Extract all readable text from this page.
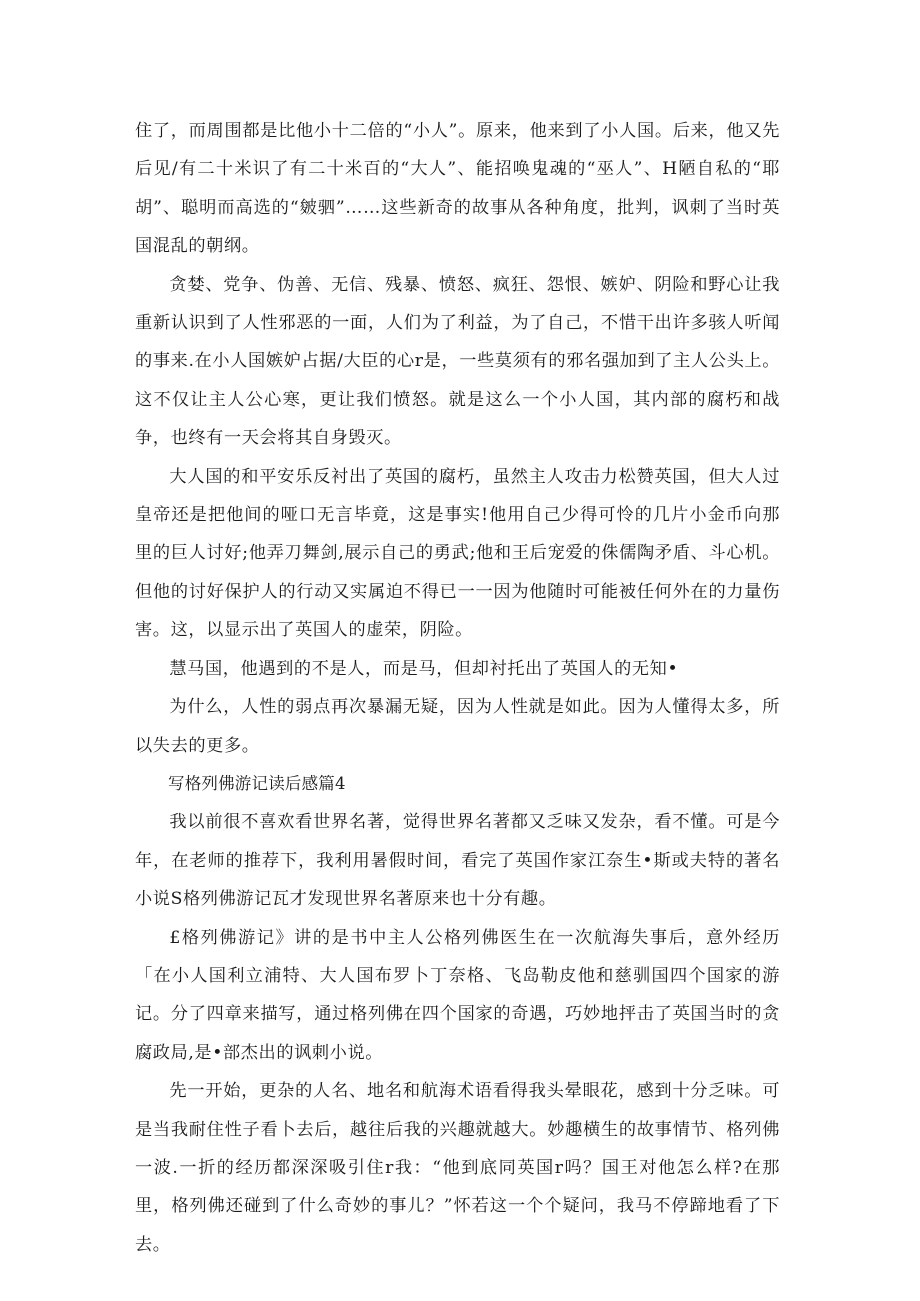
住了，而周围都是比他小十二倍的“小人”。原来，他来到了小人国。后来，他又先后见/有二十米识了有二十米百的“大人”、能招唤鬼魂的“巫人”、H陋自私的“耶胡”、聪明而高选的“皴驷”……这些新奇的故事从各种角度，批判，讽刺了当时英国混乱的朝纲。

贪婪、党争、伪善、无信、残暴、愤怒、疯狂、怨恨、嫉妒、阴险和野心让我重新认识到了人性邪恶的一面，人们为了利益，为了自己，不惜干出许多骇人听闻的事来.在小人国嫉妒占据/大臣的心r是，一些莫须有的邪名强加到了主人公头上。这不仅让主人公心寒，更让我们愤怒。就是这么一个小人国，其内部的腐朽和战争，也终有一天会将其自身毁灭。

大人国的和平安乐反衬出了英国的腐朽，虽然主人攻击力松赞英国，但大人过皇帝还是把他间的哑口无言毕竟，这是事实!他用自己少得可怜的几片小金币向那里的巨人讨好;他弄刀舞剑,展示自己的勇武;他和王后宠爱的侏儒陶矛盾、斗心机。但他的讨好保护人的行动又实属迫不得已一一因为他随时可能被任何外在的力量伤害。这，以显示出了英国人的虚荣，阴险。

慧马国，他遇到的不是人，而是马，但却衬托出了英国人的无知•

为什么，人性的弱点再次暴漏无疑，因为人性就是如此。因为人懂得太多，所以失去的更多。

写格列佛游记读后感篇4

我以前很不喜欢看世界名著，觉得世界名著都又乏味又发杂，看不懂。可是今年，在老师的推荐下，我利用暑假时间，看完了英国作家江奈生•斯或夫特的著名小说S格列佛游记瓦才发现世界名著原来也十分有趣。

£格列佛游记》讲的是书中主人公格列佛医生在一次航海失事后，意外经历「在小人国利立浦特、大人国布罗卜丁奈格、飞岛勒皮他和慈驯国四个国家的游记。分了四章来描写，通过格列佛在四个国家的奇遇，巧妙地抨击了英国当时的贪腐政局,是•部杰出的讽刺小说。

先一开始，更杂的人名、地名和航海术语看得我头晕眼花，感到十分乏味。可是当我耐住性子看卜去后，越往后我的兴趣就越大。妙趣横生的故事情节、格列佛一波.一折的经历都深深吸引住r我：“他到底同英国r吗？国王对他怎么样?在那里，格列佛还碰到了什么奇妙的事儿？”怀若这一个个疑问，我马不停蹄地看了下去。
